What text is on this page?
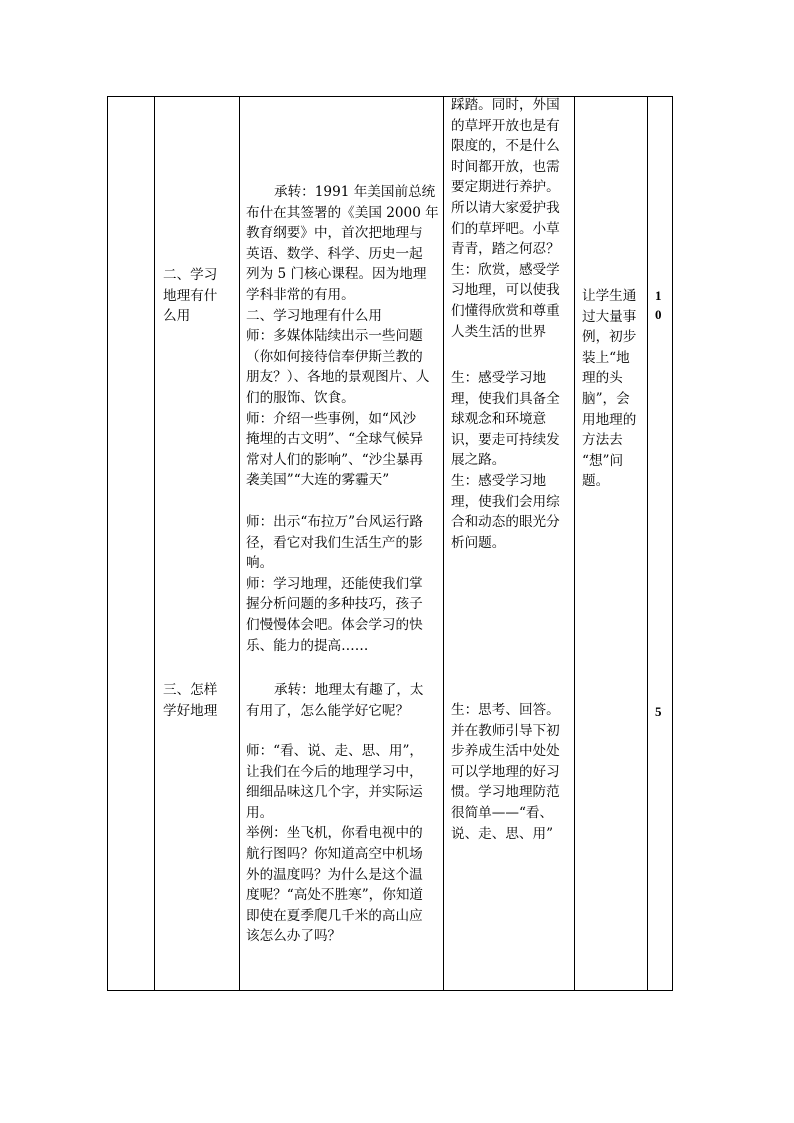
二、学习
地理有什
么用
三、怎样
学好地理
承转：1991 年美国前总统
布什在其签署的《美国 2000 年
教育纲要》中，首次把地理与
英语、数学、科学、历史一起
列为 5 门核心课程。因为地理
学科非常的有用。
二、学习地理有什么用
师：多媒体陆续出示一些问题
（你如何接待信奉伊斯兰教的
朋友？）、各地的景观图片、人
们的服饰、饮食。
师：介绍一些事例，如“风沙
掩埋的古文明”、“全球气候异
常对人们的影响”、“沙尘暴再
袭美国”“大连的雾霾天”
师：出示“布拉万”台风运行路
径，看它对我们生活生产的影
响。
师：学习地理，还能使我们掌
握分析问题的多种技巧，孩子
们慢慢体会吧。体会学习的快
乐、能力的提高……
承转：地理太有趣了，太
有用了，怎么能学好它呢？
师：“看、说、走、思、用”，
让我们在今后的地理学习中，
细细品味这几个字，并实际运
用。
举例：坐飞机，你看电视中的
航行图吗？你知道高空中机场
外的温度吗？为什么是这个温
度呢？“高处不胜寒”，你知道
即使在夏季爬几千米的高山应
该怎么办了吗？
踩踏。同时，外国
的草坪开放也是有
限度的，不是什么
时间都开放，也需
要定期进行养护。
所以请大家爱护我
们的草坪吧。小草
青青，踏之何忍？
生：欣赏，感受学
习地理，可以使我
们懂得欣赏和尊重
人类生活的世界
生：感受学习地
理，使我们具备全
球观念和环境意
识，要走可持续发
展之路。
生：感受学习地
理，使我们会用综
合和动态的眼光分
析问题。
生：思考、回答。
并在教师引导下初
步养成生活中处处
可以学地理的好习
惯。学习地理防范
很简单——“看、
说、走、思、用”
让学生通
过大量事
例，初步
装上“地
理的头
脑”，会
用地理的
方法去
“想”问
题。
1
0
5
